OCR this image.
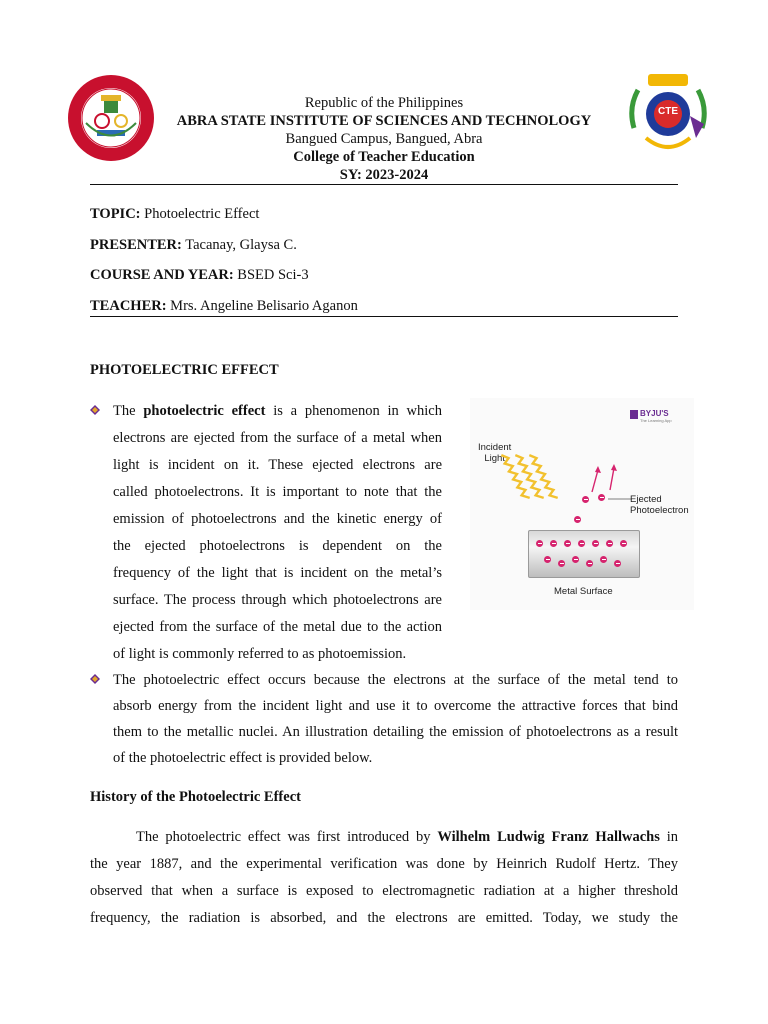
CTE
Republic of the Philippines
ABRA STATE INSTITUTE OF SCIENCES AND TECHNOLOGY
Bangued Campus, Bangued, Abra
College of Teacher Education
SY: 2023-2024
TOPIC: Photoelectric Effect
PRESENTER: Tacanay, Glaysa C.
COURSE AND YEAR: BSED Sci-3
TEACHER: Mrs. Angeline Belisario Aganon
PHOTOELECTRIC EFFECT
The photoelectric effect is a phenomenon in which
electrons are ejected from the surface of a metal when
light is incident on it. These ejected electrons are
called photoelectrons. It is important to note that the
emission of photoelectrons and the kinetic energy of
the ejected photoelectrons is dependent on the
frequency of the light that is incident on the metal’s
surface. The process through which photoelectrons are
ejected from the surface of the metal due to the action
of light is commonly referred to as photoemission.
BYJU'S
The Learning App
Incident
Light
Ejected
Photoelectron
Metal Surface
The photoelectric effect occurs because the electrons at the surface of the metal tend to
absorb energy from the incident light and use it to overcome the attractive forces that bind
them to the metallic nuclei. An illustration detailing the emission of photoelectrons as a result
of the photoelectric effect is provided below.
History of the Photoelectric Effect
The photoelectric effect was first introduced by Wilhelm Ludwig Franz Hallwachs in
the year 1887, and the experimental verification was done by Heinrich Rudolf Hertz. They
observed that when a surface is exposed to electromagnetic radiation at a higher threshold
frequency, the radiation is absorbed, and the electrons are emitted. Today, we study the
